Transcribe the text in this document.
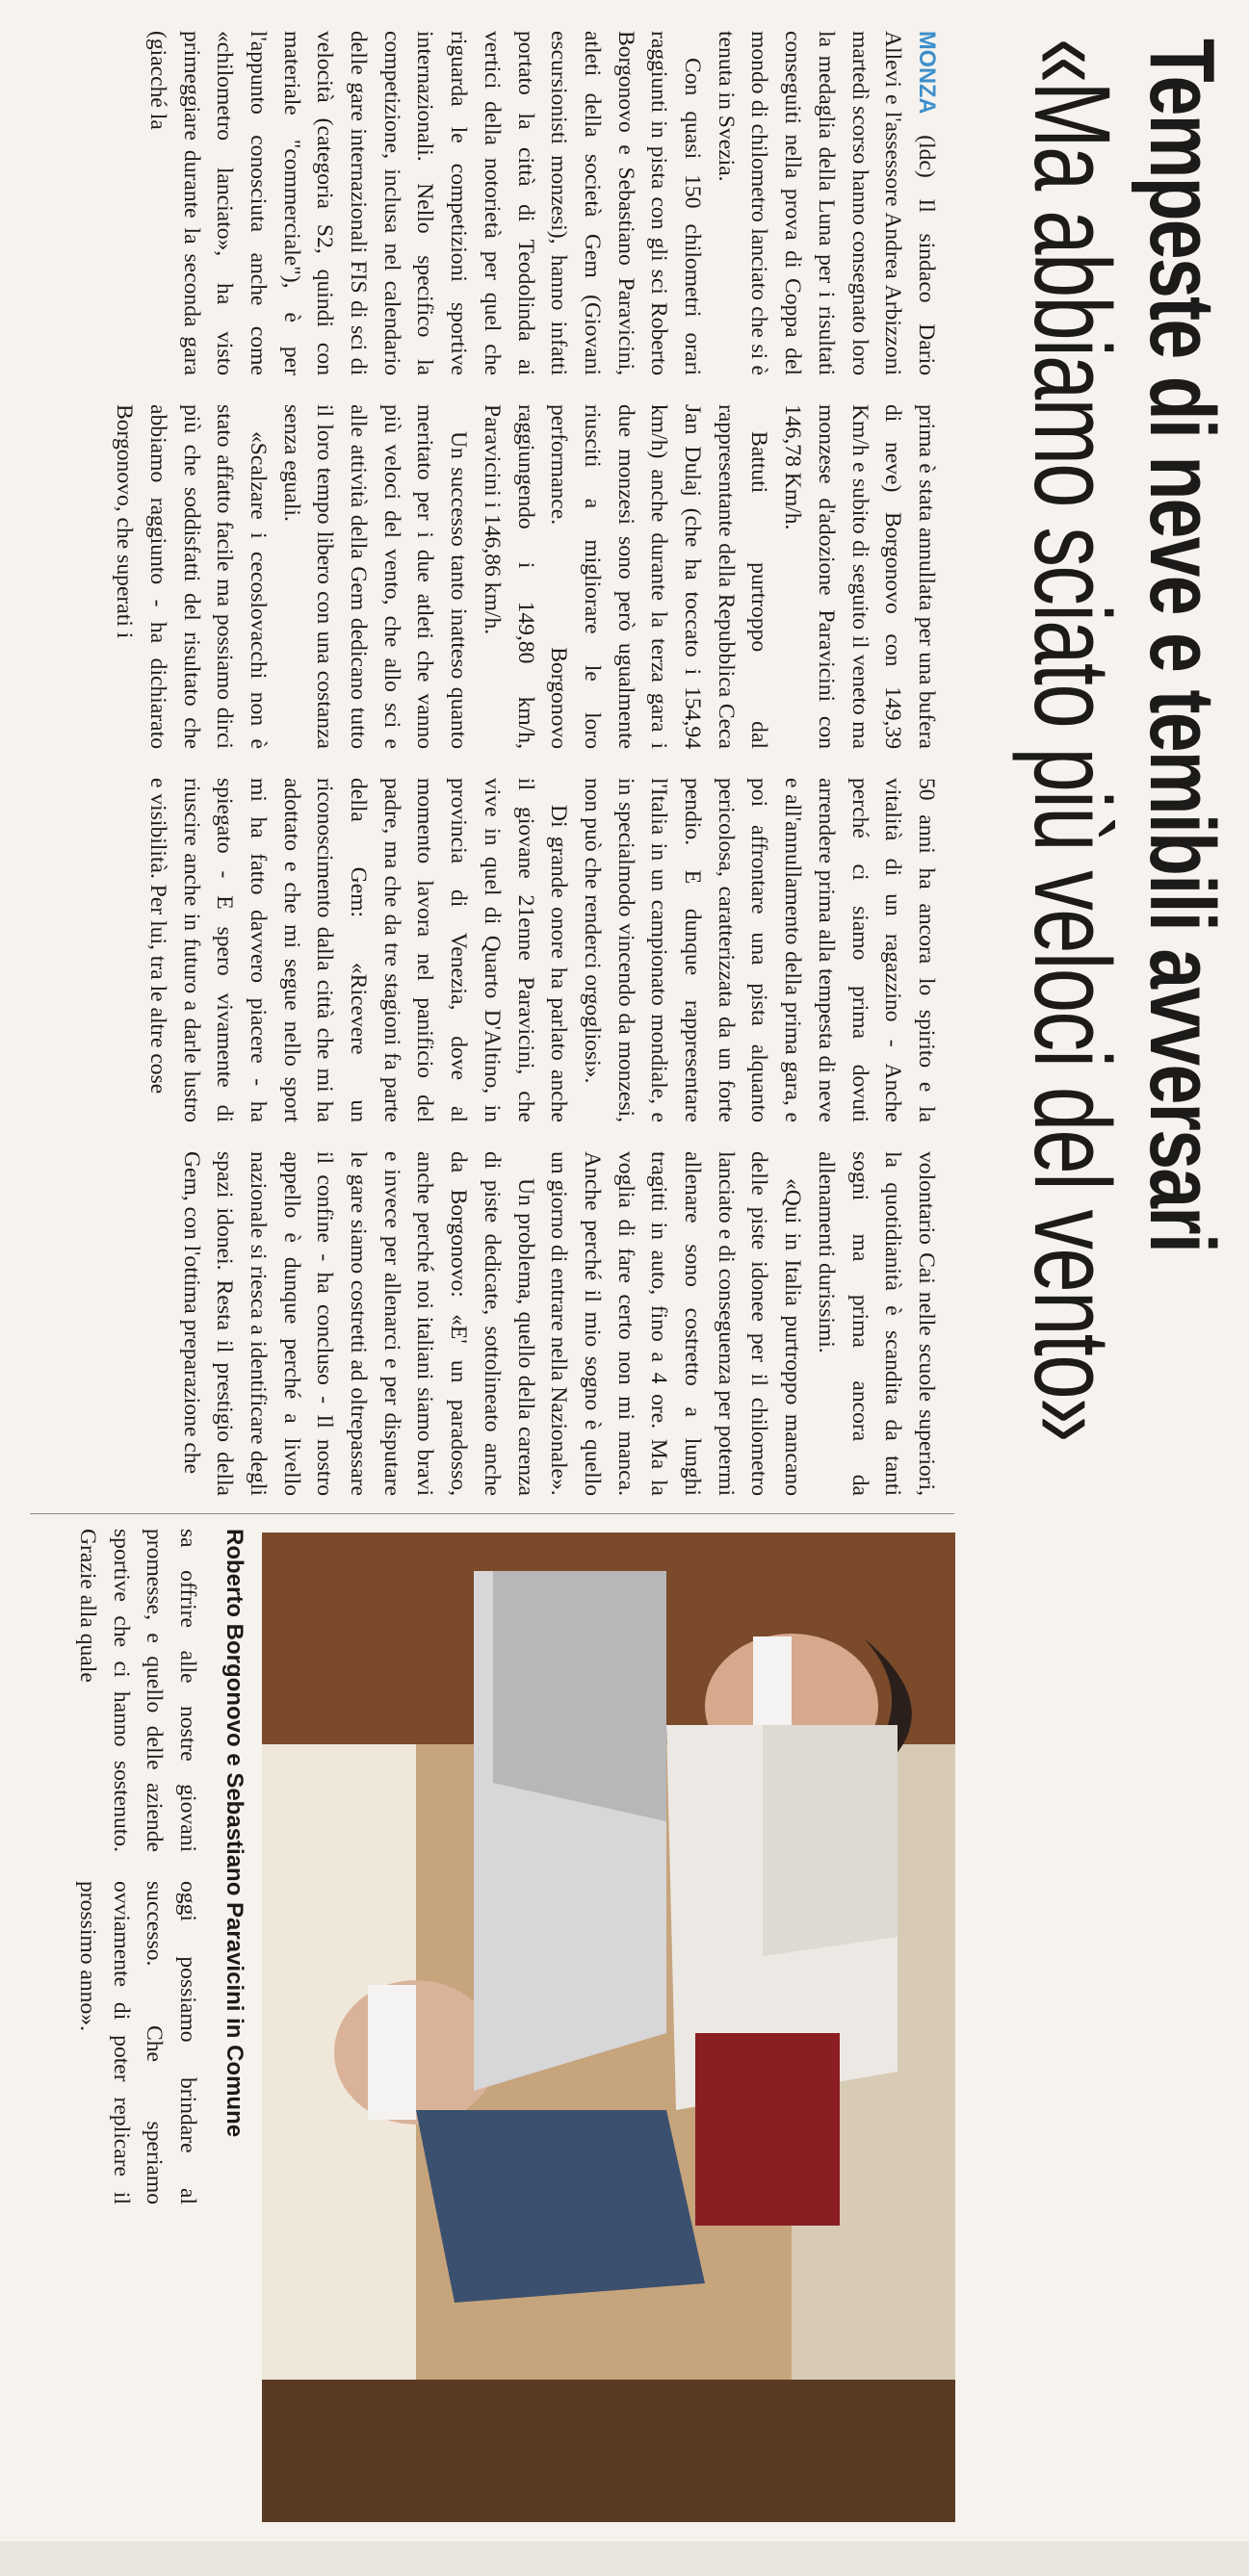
Tempeste di neve e temibili avversari
«Ma abbiamo sciato più veloci del vento»

MONZA (ldc) Il sindaco Dario Allevi e l'assessore Andrea Arbizzoni martedì scorso hanno consegnato loro la medaglia della Luna per i risultati conseguiti nella prova di Coppa del mondo di chilometro lanciato che si è tenuta in Svezia.

Con quasi 150 chilometri orari raggiunti in pista con gli sci Roberto Borgonovo e Sebastiano Paravicini, atleti della società Gem (Giovani escursionisti monzesi), hanno infatti portato la città di Teodolinda ai vertici della notorietà per quel che riguarda le competizioni sportive internazionali. Nello specifico la competizione, inclusa nel calendario delle gare internazionali FIS di sci di velocità (categoria S2, quindi con materiale "commerciale"), è per l'appunto conosciuta anche come «chilometro lanciato», ha visto primeggiare durante la seconda gara (giacché la

prima è stata annullata per una bufera di neve) Borgonovo con 149,39 Km/h e subito di seguito il veneto ma monzese d'adozione Paravicini con 146,78 Km/h.

Battuti purtroppo dal rappresentante della Repubblica Ceca Jan Dulaj (che ha toccato i 154,94 km/h) anche durante la terza gara i due monzesi sono però ugualmente riusciti a migliorare le loro performance. Borgonovo raggiungendo i 149,80 km/h, Paravicini i 146,86 km/h.

Un successo tanto inatteso quanto meritato per i due atleti che vanno più veloci del vento, che allo sci e alle attività della Gem dedicano tutto il loro tempo libero con una costanza senza eguali.

«Scalzare i cecoslovacchi non è stato affatto facile ma possiamo dirci più che soddisfatti del risultato che abbiamo raggiunto - ha dichiarato Borgonovo, che superati i

50 anni ha ancora lo spirito e la vitalità di un ragazzino - Anche perché ci siamo prima dovuti arrendere prima alla tempesta di neve e all'annullamento della prima gara, e poi affrontare una pista alquanto pericolosa, caratterizzata da un forte pendio. E dunque rappresentare l'Italia in un campionato mondiale, e in specialmodo vincendo da monzesi, non può che renderci orgogliosi».

Di grande onore ha parlato anche il giovane 21enne Paravicini, che vive in quel di Quarto D'Altino, in provincia di Venezia, dove al momento lavora nel panificio del padre, ma che da tre stagioni fa parte della Gem: «Ricevere un riconoscimento dalla città che mi ha adottato e che mi segue nello sport mi ha fatto davvero piacere - ha spiegato - E spero vivamente di riuscire anche in futuro a darle lustro e visibilità. Per lui, tra le altre cose

volontario Cai nelle scuole superiori, la quotidianità è scandita da tanti sogni ma prima ancora da allenamenti durissimi.

«Qui in Italia purtroppo mancano delle piste idonee per il chilometro lanciato e di conseguenza per potermi allenare sono costretto a lunghi tragitti in auto, fino a 4 ore. Ma la voglia di fare certo non mi manca. Anche perché il mio sogno è quello un giorno di entrare nella Nazionale».

Un problema, quello della carenza di piste dedicate, sottolineato anche da Borgonovo: «E' un paradosso, anche perché noi italiani siamo bravi e invece per allenarci e per disputare le gare siamo costretti ad oltrepassare il confine - ha concluso - Il nostro appello è dunque perché a livello nazionale si riesca a identificare degli spazi idonei. Resta il prestigio della Gem, con l'ottima preparazione che

Roberto Borgonovo e Sebastiano Paravicini in Comune
sa offrire alle nostre giovani promesse, e quello delle aziende sportive che ci hanno sostenuto. Grazie alla quale
oggi possiamo brindare al successo. Che speriamo ovviamente di poter replicare il prossimo anno».
